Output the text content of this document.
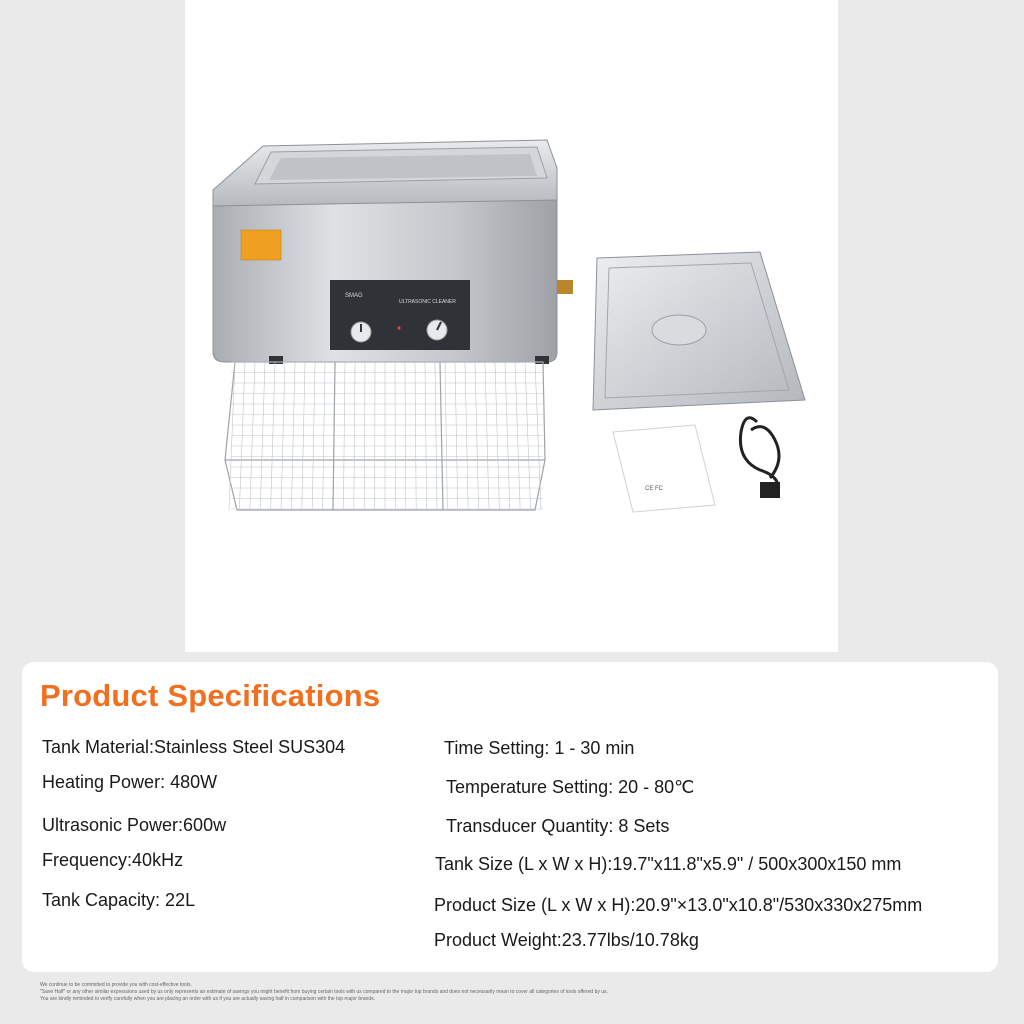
SMAG
ULTRASONIC CLEANER
CE FC
Product Specifications

Tank Material:Stainless Steel SUS304

Heating Power: 480W

Ultrasonic Power:600w

Frequency:40kHz

Tank Capacity: 22L

Time Setting: 1 - 30 min

Temperature Setting: 20 - 80℃

Transducer Quantity: 8 Sets

Tank Size (L x W x H):19.7"x11.8"x5.9" / 500x300x150 mm

Product Size (L x W x H):20.9"×13.0"x10.8"/530x330x275mm

Product Weight:23.77lbs/10.78kg

We continue to be committed to provide you with cost-effective tools.
"Save Half" or any other similar expressions used by us only represents an estimate of savings you might benefit from buying certain tools with us compared to the major top brands and does not necessarily mean to cover all categories of tools offered by us.
You are kindly reminded to verify carefully when you are placing an order with us if you are actually saving half in comparison with the top major brands.
